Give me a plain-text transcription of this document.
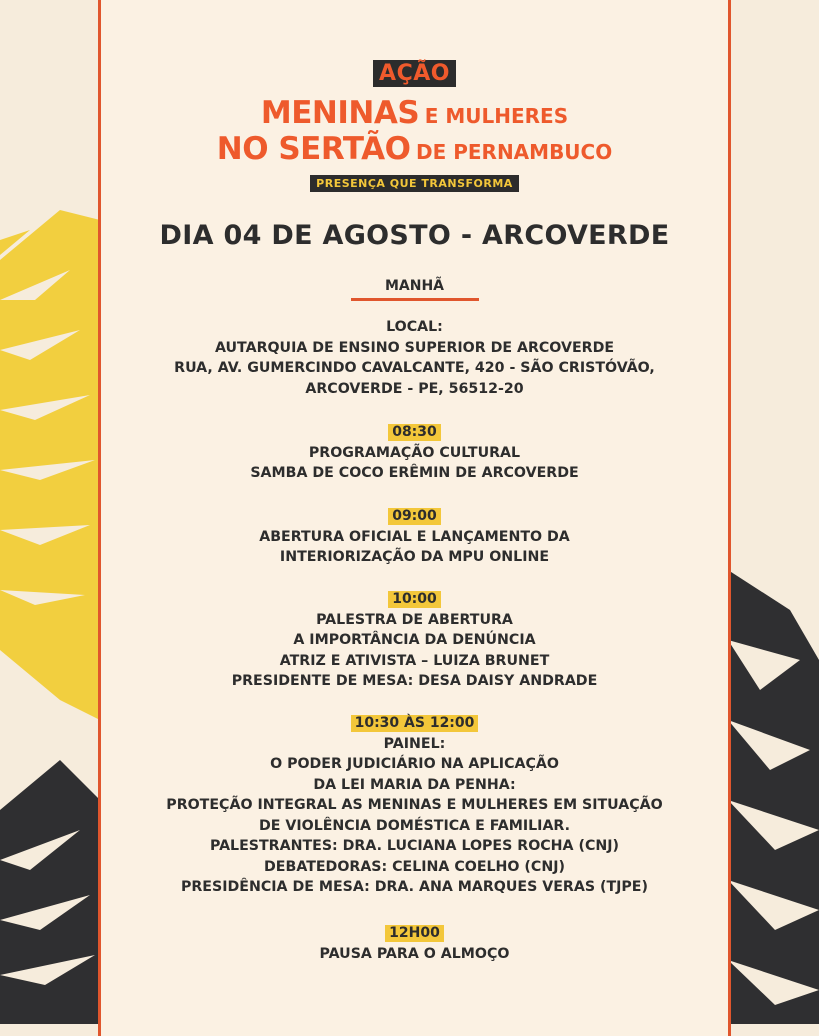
AÇÃO
MENINAS E MULHERES
NO SERTÃO DE PERNAMBUCO
PRESENÇA QUE TRANSFORMA
DIA 04 DE AGOSTO - ARCOVERDE
MANHÃ
LOCAL:
AUTARQUIA DE ENSINO SUPERIOR DE ARCOVERDE
RUA, AV. GUMERCINDO CAVALCANTE, 420 - SÃO CRISTÓVÃO,
ARCOVERDE - PE, 56512-20
08:30
PROGRAMAÇÃO CULTURAL
SAMBA DE COCO ERÊMIN DE ARCOVERDE
09:00
ABERTURA OFICIAL E LANÇAMENTO DA
INTERIORIZAÇÃO DA MPU ONLINE
10:00
PALESTRA DE ABERTURA
A IMPORTÂNCIA DA DENÚNCIA
ATRIZ E ATIVISTA – LUIZA BRUNET
PRESIDENTE DE MESA: DESA DAISY ANDRADE
10:30 ÀS 12:00
PAINEL:
O PODER JUDICIÁRIO NA APLICAÇÃO
DA LEI MARIA DA PENHA:
PROTEÇÃO INTEGRAL AS MENINAS E MULHERES EM SITUAÇÃO
DE VIOLÊNCIA DOMÉSTICA E FAMILIAR.
PALESTRANTES: DRA. LUCIANA LOPES ROCHA (CNJ)
DEBATEDORAS: CELINA COELHO (CNJ)
PRESIDÊNCIA DE MESA: DRA. ANA MARQUES VERAS (TJPE)
12H00
PAUSA PARA O ALMOÇO
